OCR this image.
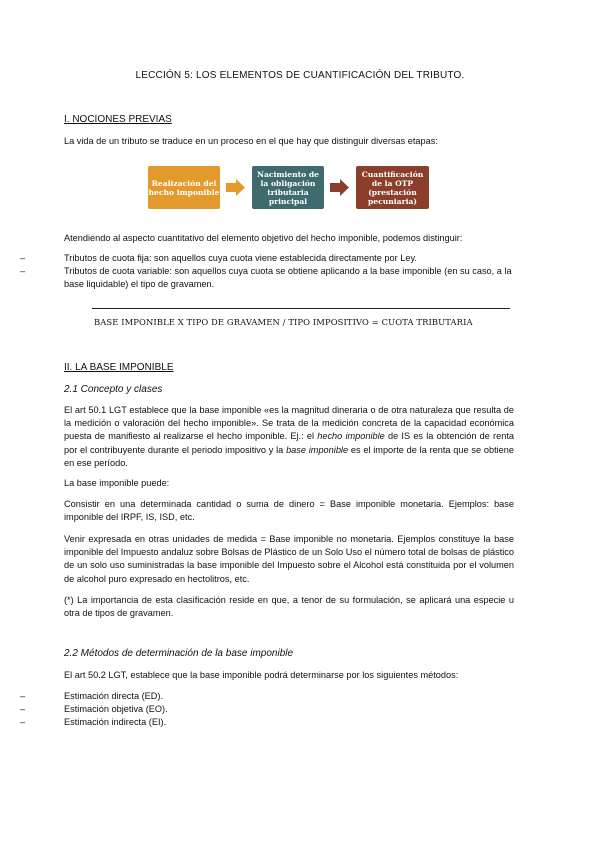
LECCIÓN 5: LOS ELEMENTOS DE CUANTIFICACIÓN DEL TRIBUTO.
I. NOCIONES PREVIAS
La vida de un tributo se traduce en un proceso en el que hay que distinguir diversas etapas:
Realización del hecho imponible
Nacimiento de la obligación tributaria principal
Cuantificación de la OTP (prestación pecuniaria)
Atendiendo al aspecto cuantitativo del elemento objetivo del hecho imponible, podemos distinguir:
–	Tributos de cuota fija: son aquellos cuya cuota viene establecida directamente por Ley.
–	Tributos de cuota variable: son aquellos cuya cuota se obtiene aplicando a la base imponible (en su caso, a la base liquidable) el tipo de gravamen.
BASE IMPONIBLE X TIPO DE GRAVAMEN / TIPO IMPOSITIVO = CUOTA TRIBUTARIA
II. LA BASE IMPONIBLE
2.1 Concepto y clases
El art 50.1 LGT establece que la base imponible «es la magnitud dineraria o de otra naturaleza que resulta de la medición o valoración del hecho imponible». Se trata de la medición concreta de la capacidad económica puesta de manifiesto al realizarse el hecho imponible. Ej.: el hecho imponible de IS es la obtención de renta por el contribuyente durante el periodo impositivo y la base imponible es el importe de la renta que se obtiene en ese período.
La base imponible puede:
Consistir en una determinada cantidad o suma de dinero = Base imponible monetaria. Ejemplos: base imponible del IRPF, IS, ISD, etc.
Venir expresada en otras unidades de medida = Base imponible no monetaria. Ejemplos constituye la base imponible del Impuesto andaluz sobre Bolsas de Plástico de un Solo Uso el número total de bolsas de plástico de un solo uso suministradas la base imponible del Impuesto sobre el Alcohol está constituida por el volumen de alcohol puro expresado en hectolitros, etc.
(*) La importancia de esta clasificación reside en que, a tenor de su formulación, se aplicará una especie u otra de tipos de gravamen.
2.2 Métodos de determinación de la base imponible
El art 50.2 LGT, establece que la base imponible podrá determinarse por los siguientes métodos:
–	Estimación directa (ED).
–	Estimación objetiva (EO).
–	Estimación indirecta (EI).
